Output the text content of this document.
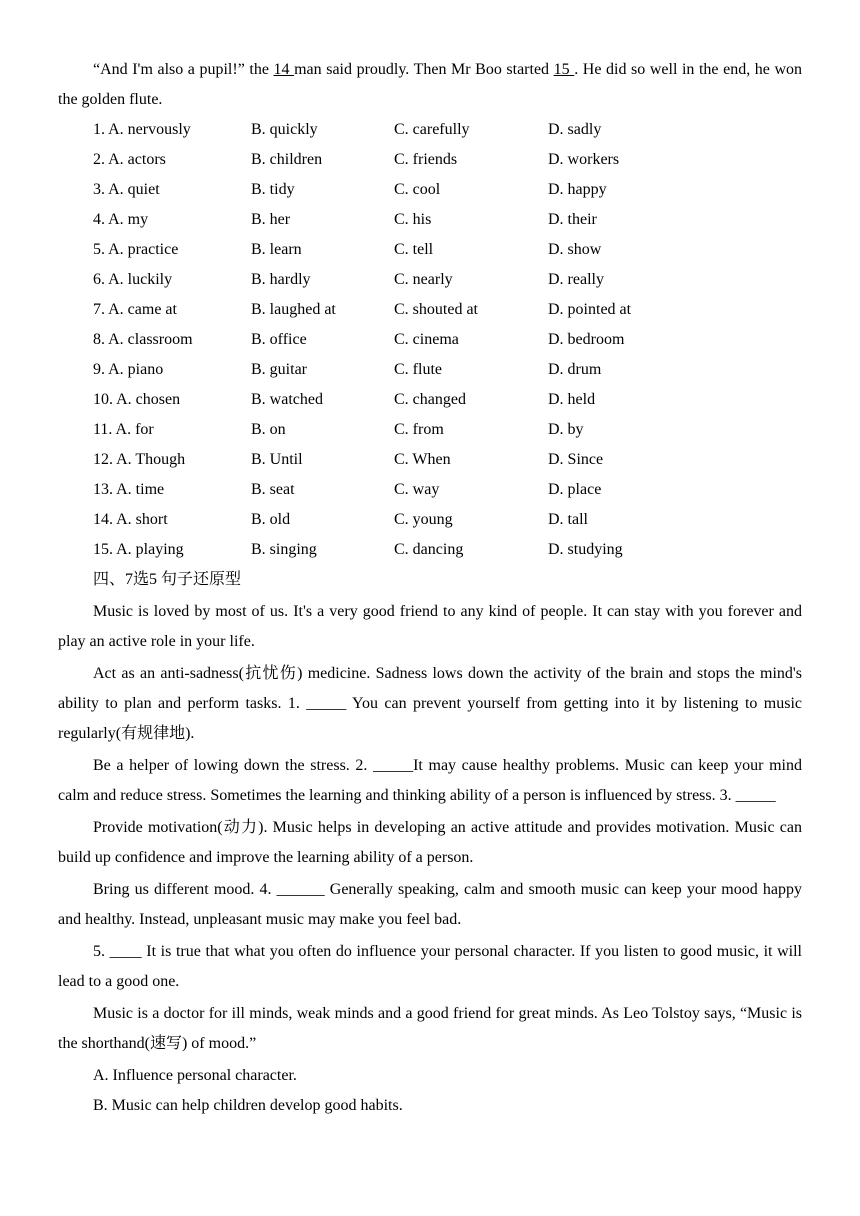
“And I'm also a pupil!” the 14 man said proudly. Then Mr Boo started 15 . He did so well in the end, he won the golden flute.

1. A. nervously	B. quickly	C. carefully	D. sadly
2. A. actors	B. children	C. friends	D. workers
3. A. quiet	B. tidy	C. cool	D. happy
4. A. my	B. her	C. his	D. their
5. A. practice	B. learn	C. tell	D. show
6. A. luckily	B. hardly	C. nearly	D. really
7. A. came at	B. laughed at	C. shouted at	D. pointed at
8. A. classroom	B. office	C. cinema	D. bedroom
9. A. piano	B. guitar	C. flute	D. drum
10. A. chosen	B. watched	C. changed	D. held
11. A. for	B. on	C. from	D. by
12. A. Though	B. Until	C. When	D. Since
13. A. time	B. seat	C. way	D. place
14. A. short	B. old	C. young	D. tall
15. A. playing	B. singing	C. dancing	D. studying

四、7选5 句子还原型

Music is loved by most of us. It's a very good friend to any kind of people. It can stay with you forever and play an active role in your life.

Act as an anti-sadness(抗忧伤) medicine. Sadness lows down the activity of the brain and stops the mind's ability to plan and perform tasks. 1. _____ You can prevent yourself from getting into it by listening to music regularly(有规律地).

Be a helper of lowing down the stress. 2. _____It may cause healthy problems. Music can keep your mind calm and reduce stress. Sometimes the learning and thinking ability of a person is influenced by stress. 3. _____

Provide motivation(动力). Music helps in developing an active attitude and provides motivation. Music can build up confidence and improve the learning ability of a person.

Bring us different mood. 4. ______ Generally speaking, calm and smooth music can keep your mood happy and healthy. Instead, unpleasant music may make you feel bad.

5. ____ It is true that what you often do influence your personal character. If you listen to good music, it will lead to a good one.

Music is a doctor for ill minds, weak minds and a good friend for great minds. As Leo Tolstoy says, “Music is the shorthand(速写) of mood.”

A. Influence personal character.

B. Music can help children develop good habits.
